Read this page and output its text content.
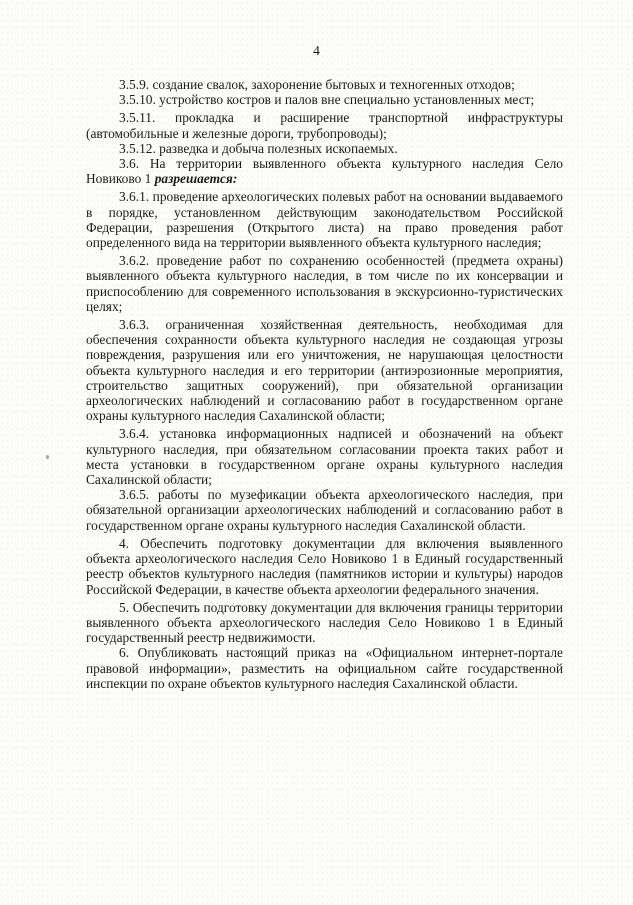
4

3.5.9. создание свалок, захоронение бытовых и техногенных отходов;

3.5.10. устройство костров и палов вне специально установленных мест;

3.5.11. прокладка и расширение транспортной инфраструктуры (автомобильные и железные дороги, трубопроводы);

3.5.12. разведка и добыча полезных ископаемых.

3.6. На территории выявленного объекта культурного наследия Село Новиково 1 разрешается:

3.6.1. проведение археологических полевых работ на основании выдаваемого в порядке, установленном действующим законодательством Российской Федерации, разрешения (Открытого листа) на право проведения работ определенного вида на территории выявленного объекта культурного наследия;

3.6.2. проведение работ по сохранению особенностей (предмета охраны) выявленного объекта культурного наследия, в том числе по их консервации и приспособлению для современного использования в экскурсионно-туристических целях;

3.6.3. ограниченная хозяйственная деятельность, необходимая для обеспечения сохранности объекта культурного наследия не создающая угрозы повреждения, разрушения или его уничтожения, не нарушающая целостности объекта культурного наследия и его территории (антиэрозионные мероприятия, строительство защитных сооружений), при обязательной организации археологических наблюдений и согласованию работ в государственном органе охраны культурного наследия Сахалинской области;

3.6.4. установка информационных надписей и обозначений на объект культурного наследия, при обязательном согласовании проекта таких работ и места установки в государственном органе охраны культурного наследия Сахалинской области;

3.6.5. работы по музефикации объекта археологического наследия, при обязательной организации археологических наблюдений и согласованию работ в государственном органе охраны культурного наследия Сахалинской области.

4. Обеспечить подготовку документации для включения выявленного объекта археологического наследия Село Новиково 1 в Единый государственный реестр объектов культурного наследия (памятников истории и культуры) народов Российской Федерации, в качестве объекта археологии федерального значения.

5. Обеспечить подготовку документации для включения границы территории выявленного объекта археологического наследия Село Новиково 1 в Единый государственный реестр недвижимости.

6. Опубликовать настоящий приказ на «Официальном интернет-портале правовой информации», разместить на официальном сайте государственной инспекции по охране объектов культурного наследия Сахалинской области.
